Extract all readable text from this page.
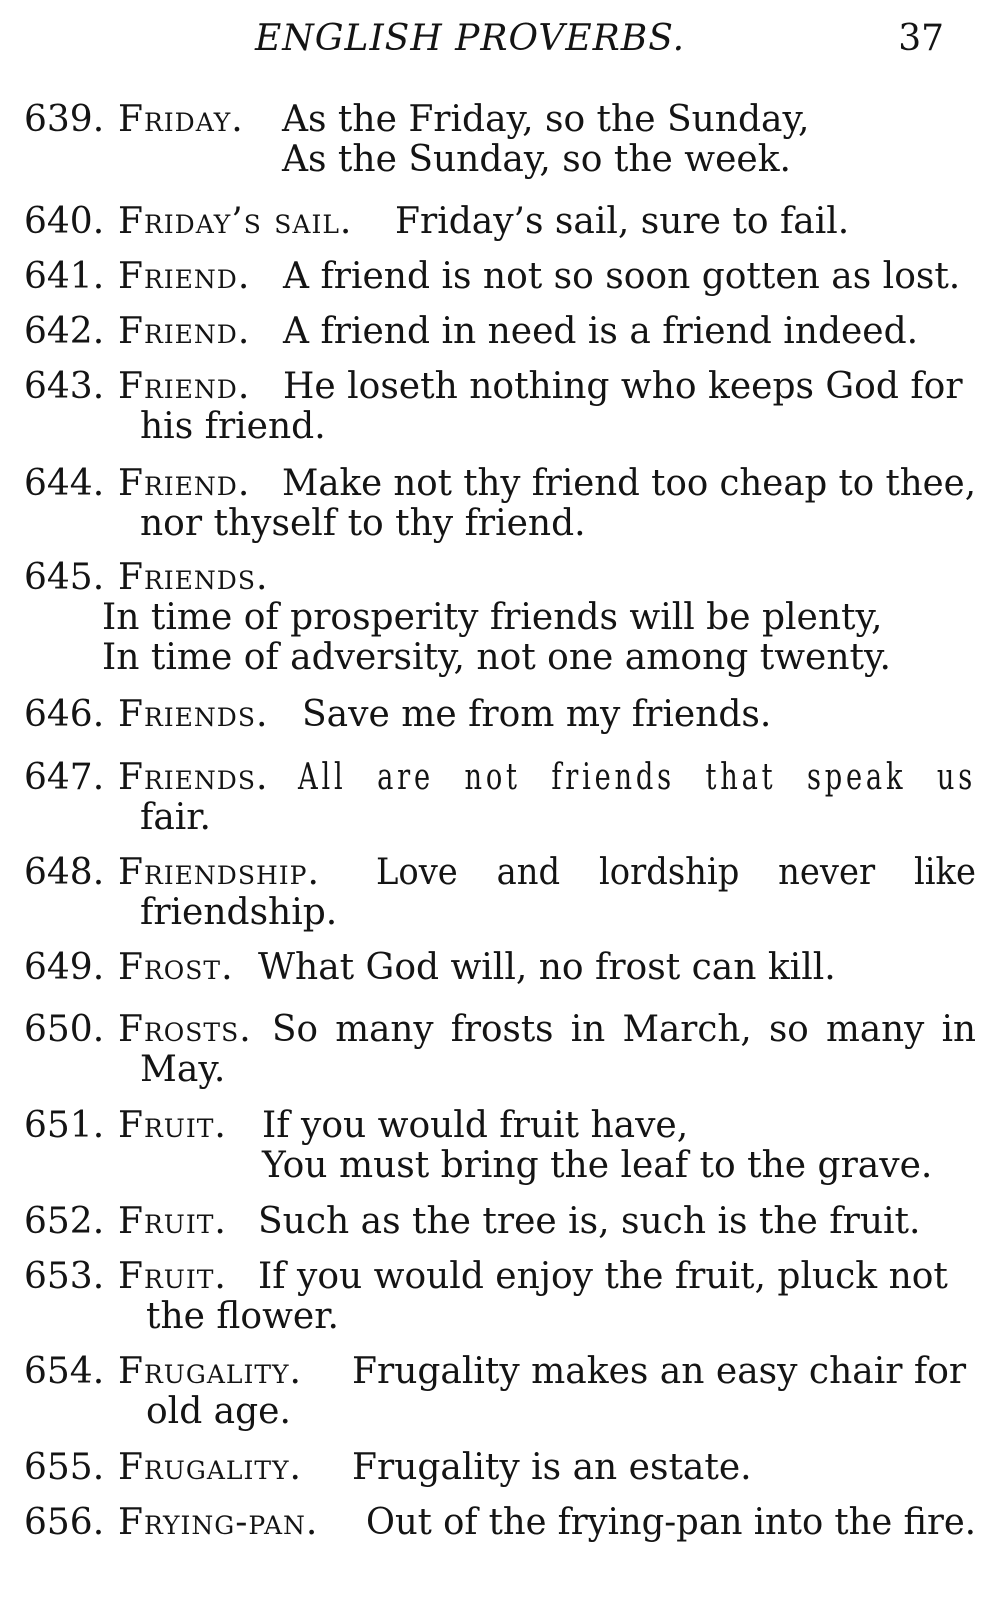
ENGLISH PROVERBS.	37
639. Friday. As the Friday, so the Sunday,
As the Sunday, so the week.
640. Friday’s sail. Friday’s sail, sure to fail.
641. Friend. A friend is not so soon gotten as lost.
642. Friend. A friend in need is a friend indeed.
643. Friend. He loseth nothing who keeps God for
his friend.
644. Friend. Make not thy friend too cheap to thee,
nor thyself to thy friend.
645. Friends.
In time of prosperity friends will be plenty,
In time of adversity, not one among twenty.
646. Friends. Save me from my friends.
647. Friends. All are not friends that speak us
fair.
648. Friendship. Love and lordship never like
friendship.
649. Frost. What God will, no frost can kill.
650. Frosts. So many frosts in March, so many in
May.
651. Fruit. If you would fruit have,
You must bring the leaf to the grave.
652. Fruit. Such as the tree is, such is the fruit.
653. Fruit. If you would enjoy the fruit, pluck not
the flower.
654. Frugality. Frugality makes an easy chair for
old age.
655. Frugality. Frugality is an estate.
656. Frying-pan. Out of the frying-pan into the fire.
